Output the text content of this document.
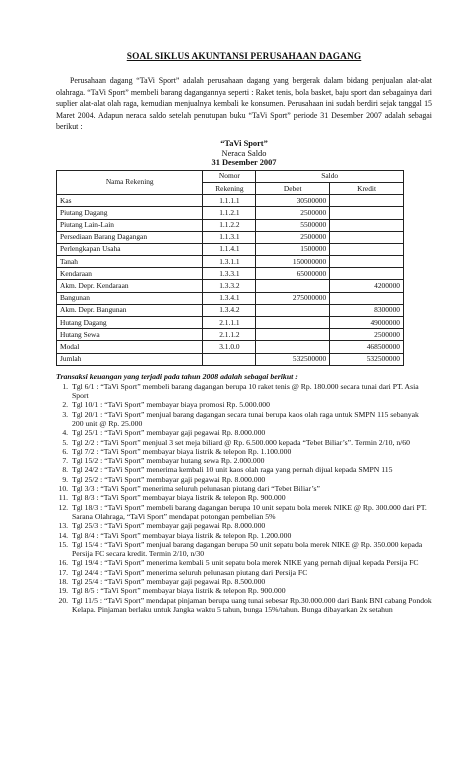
SOAL SIKLUS AKUNTANSI PERUSAHAAN DAGANG

Perusahaan dagang “TaVi Sport” adalah perusahaan dagang yang bergerak dalam bidang penjualan alat-alat olahraga. “TaVi Sport” membeli barang dagangannya seperti : Raket tenis, bola basket, baju sport dan sebagainya dari suplier alat-alat olah raga, kemudian menjualnya kembali ke konsumen. Perusahaan ini sudah berdiri sejak tanggal 15 Maret 2004. Adapun neraca saldo setelah penutupan buku “TaVi Sport” periode 31 Desember 2007 adalah sebagai berikut :

“TaVi Sport”
Neraca Saldo
31 Desember 2007
Nama Rekening	Nomor	Saldo	
	Rekening	Debet	Kredit
Kas	1.1.1.1	30500000	
Piutang Dagang	1.1.2.1	2500000	
Piutang Lain-Lain	1.1.2.2	5500000	
Persediaan Barang Dagangan	1.1.3.1	2500000	
Perlengkapan Usaha	1.1.4.1	1500000	
Tanah	1.3.1.1	150000000	
Kendaraan	1.3.3.1	65000000	
Akm. Depr. Kendaraan	1.3.3.2		4200000
Bangunan	1.3.4.1	275000000	
Akm. Depr. Bangunan	1.3.4.2		8300000
Hutang Dagang	2.1.1.1		49000000
Hutang Sewa	2.1.1.2		2500000
Modal	3.1.0.0		468500000
Jumlah		532500000	532500000
Transaksi keuangan yang terjadi pada tahun 2008 adalah sebagai berikut :
1. Tgl 6/1 : “TaVi Sport” membeli barang dagangan berupa 10 raket tenis @ Rp. 180.000 secara tunai dari PT. Asia Sport
2. Tgl 10/1 : “TaVi Sport” membayar biaya promosi Rp. 5.000.000
3. Tgl 20/1 : “TaVi Sport” menjual barang dagangan secara tunai berupa kaos olah raga untuk SMPN 115 sebanyak 200 unit @ Rp. 25.000
4. Tgl 25/1 : “TaVi Sport” membayar gaji pegawai Rp. 8.000.000
5. Tgl 2/2 : “TaVi Sport” menjual 3 set meja biliard @ Rp. 6.500.000 kepada “Tebet Biliar’s”. Termin 2/10, n/60
6. Tgl 7/2 : “TaVi Sport” membayar biaya listrik & telepon Rp. 1.100.000
7. Tgl 15/2 : “TaVi Sport” membayar hutang sewa Rp. 2.000.000
8. Tgl 24/2 : “TaVi Sport” menerima kembali 10 unit kaos olah raga yang pernah dijual kepada SMPN 115
9. Tgl 25/2 : “TaVi Sport” membayar gaji pegawai Rp. 8.000.000
10. Tgl 3/3 : “TaVi Sport” menerima seluruh pelunasan piutang dari “Tebet Biliar’s”
11. Tgl 8/3 : “TaVi Sport” membayar biaya listrik & telepon Rp. 900.000
12. Tgl 18/3 : “TaVi Sport” membeli barang dagangan berupa 10 unit sepatu bola merek NIKE @ Rp. 300.000 dari PT. Sarana Olahraga, “TaVi Sport” mendapat potongan pembelian 5%
13. Tgl 25/3 : “TaVi Sport” membayar gaji pegawai Rp. 8.000.000
14. Tgl 8/4 : “TaVi Sport” membayar biaya listrik & telepon Rp. 1.200.000
15. Tgl 15/4 : “TaVi Sport” menjual barang dagangan berupa 50 unit sepatu bola merek NIKE @ Rp. 350.000 kepada Persija FC secara kredit. Termin 2/10, n/30
16. Tgl 19/4 : “TaVi Sport” menerima kembali 5 unit sepatu bola merek NIKE yang pernah dijual kepada Persija FC
17. Tgl 24/4 : “TaVi Sport” menerima seluruh pelunasan piutang dari Persija FC
18. Tgl 25/4 : “TaVi Sport” membayar gaji pegawai Rp. 8.500.000
19. Tgl 8/5 : “TaVi Sport” membayar biaya listrik & telepon Rp. 900.000
20. Tgl 11/5 : “TaVi Sport” mendapat pinjaman berupa uang tunai sebesar Rp.30.000.000 dari Bank BNI cabang Pondok Kelapa. Pinjaman berlaku untuk Jangka waktu 5 tahun, bunga 15%/tahun. Bunga dibayarkan 2x setahun
